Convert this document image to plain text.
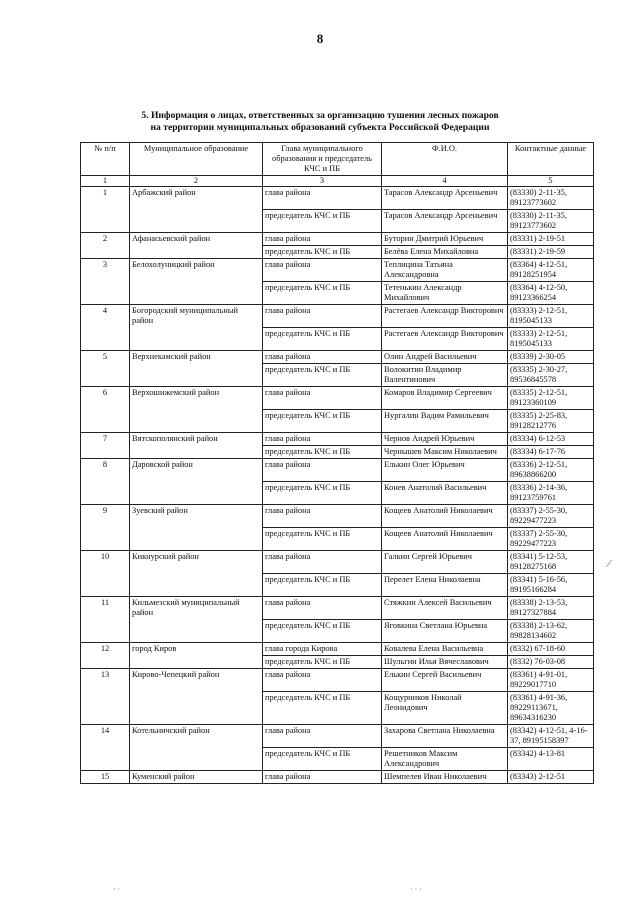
8
5. Информация о лицах, ответственных за организацию тушения лесных пожаров
на территории муниципальных образований субъекта Российской Федерации
№ п/п	Муниципальное образование	Глава муниципального образования и председатель КЧС и ПБ	Ф.И.О.	Контактные данные
1	2	3	4	5
1	Арбажский район	глава района	Тарасов Александр Арсеньевич	(83330) 2-11-35, 89123773602
		председатель КЧС и ПБ	Тарасов Александр Арсеньевич	(83330) 2-11-35, 89123773602
2	Афанасьевский район	глава района	Буторин Дмитрий Юрьевич	(83331) 2-19-51
		председатель КЧС и ПБ	Белёва Елена Михайловна	(83331) 2-19-59
3	Белохолуницкий район	глава района	Теплицина Татьяна Александровна	(83364) 4-12-51, 89128251954
		председатель КЧС и ПБ	Тетенькин Александр Михайлович	(83364) 4-12-50, 89123366254
4	Богородский муниципальный район	глава района	Растегаев Александр Викторович	(83333) 2-12-51, 8195045133
		председатель КЧС и ПБ	Растегаев Александр Викторович	(83333) 2-12-51, 8195045133
5	Верхнекамский район	глава района	Олин Андрей Васильевич	(83339) 2-30-05
		председатель КЧС и ПБ	Волокитин Владимир Валентинович	(83335) 2-30-27, 89536845578
6	Верхошижемский район	глава района	Комаров Владимир Сергеевич	(83335) 2-12-51, 89123360109
		председатель КЧС и ПБ	Нургалин Вадим Рамильевич	(83335) 2-25-83, 89128212776
7	Вятскополянский район	глава района	Чернов Андрей Юрьевич	(83334) 6-12-53
		председатель КЧС и ПБ	Чернышев Максим Николаевич	(83334) 6-17-76
8	Даровской район	глава района	Елькин Олег Юрьевич	(83336) 2-12-51, 89638866200
		председатель КЧС и ПБ	Конев Анатолий Васильевич	(83336) 2-14-36, 89123759761
9	Зуевский район	глава района	Кощеев Анатолий Николаевич	(83337) 2-55-30, 89229477223
		председатель КЧС и ПБ	Кощеев Анатолий Николаевич	(83337) 2-55-30, 89229477223
10	Кикнурский район	глава района	Галкин Сергей Юрьевич	(83341) 5-12-53, 89128275168
		председатель КЧС и ПБ	Перелет Елена Николаевна	(83341) 5-16-56, 89195166284
11	Кильмезский муниципальный район	глава района	Стяжкин Алексей Васильевич	(83338) 2-13-53, 89127327884
		председатель КЧС и ПБ	Яговкина Светлана Юрьевна	(83338) 2-13-62, 89828134602
12	город Киров	глава города Кирова	Ковалева Елена Васильевна	(8332) 67-18-60
		председатель КЧС и ПБ	Шульгин Илья Вячеславович	(8332) 76-03-08
13	Кирово-Чепецкий район	глава района	Елькин Сергей Васильевич	(83361) 4-91-01, 89229017710
		председатель КЧС и ПБ	Кощурников Николай Леонидович	(83361) 4-91-36, 89229113671, 89634316230
14	Котельничский район	глава района	Захарова Светлана Николаевна	(83342) 4-12-51, 4-16-37, 89195158397
		председатель КЧС и ПБ	Решетников Максим Александрович	(83342) 4-13-81
15	Куменский район	глава района	Шемпелев Иван Николаевич	(83343) 2-12-51
⁄
· ·	· · ·
